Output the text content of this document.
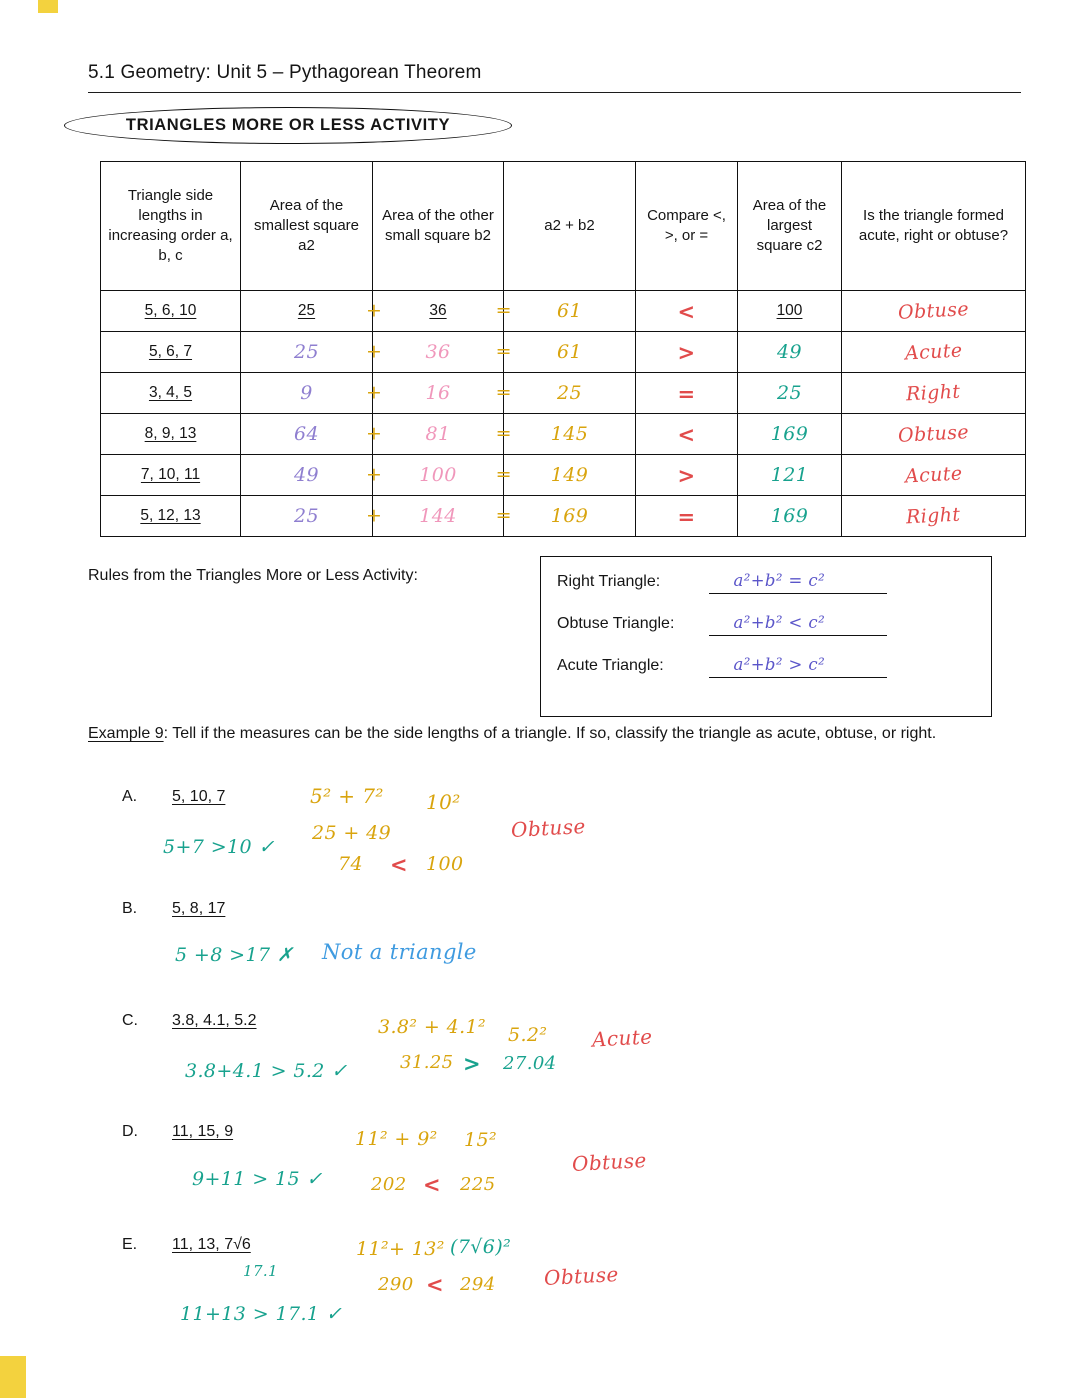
5.1 Geometry: Unit 5 – Pythagorean Theorem
TRIANGLES MORE OR LESS ACTIVITY
Triangle side lengths in increasing order a, b, c	Area of the smallest square a2	Area of the other small square b2	a2 + b2	Compare <, >, or =	Area of the largest square c2	Is the triangle formed acute, right or obtuse?
5, 6, 10	25	+ 36 =	61	<	100	Obtuse
5, 6, 7	25	+ 36 =	61	>	49	Acute
3, 4, 5	9	+ 16 =	25	=	25	Right
8, 9, 13	64	+ 81 =	145	<	169	Obtuse
7, 10, 11	49	+ 100 =	149	>	121	Acute
5, 12, 13	25	+ 144 =	169	=	169	Right

Rules from the Triangles More or Less Activity:	Right Triangle:	a²+b² = c²
Obtuse Triangle:	a²+b² < c²
Acute Triangle:	a²+b² > c²

Example 9: Tell if the measures can be the side lengths of a triangle. If so, classify the triangle as acute, obtuse, or right.

A. 5, 10, 7	5² + 7² 10²
25 + 49
5+7 >10 ✓
74 < 100
Obtuse
B. 5, 8, 17
5 +8 >17 ✗ Not a triangle
C. 3.8, 4.1, 5.2	3.8² + 4.1² 5.2²
3.8+4.1 > 5.2 ✓	31.25 > 27.04
Acute
D. 11, 15, 9	11² + 9² 15²
9+11 > 15 ✓	202 < 225
Obtuse
E. 11, 13, 7√6
17.1
11²+ 13² (7√6)²
290 < 294 Obtuse
11+13 > 17.1 ✓
